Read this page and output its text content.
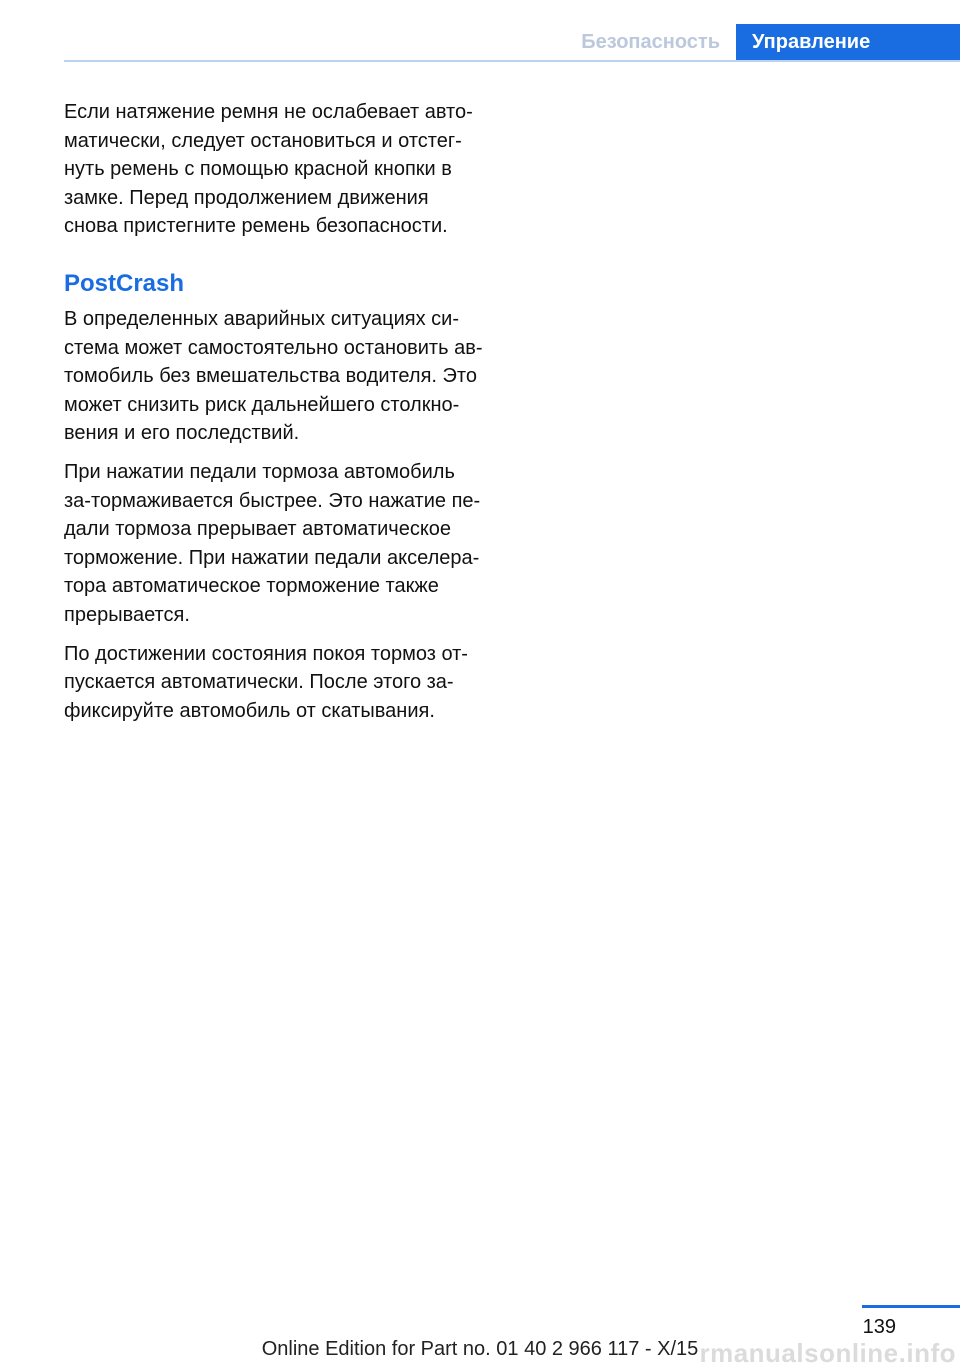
Безопасность	Управление

Если натяжение ремня не ослабевает авто-матически, следует остановиться и отстег-нуть ремень с помощью красной кнопки в замке. Перед продолжением движения снова пристегните ремень безопасности.

PostCrash

В определенных аварийных ситуациях си-стема может самостоятельно остановить ав-томобиль без вмешательства водителя. Это может снизить риск дальнейшего столкно-вения и его последствий.

При нажатии педали тормоза автомобиль за-тормаживается быстрее. Это нажатие пе-дали тормоза прерывает автоматическое торможение. При нажатии педали акселера-тора автоматическое торможение также прерывается.

По достижении состояния покоя тормоз от-пускается автоматически. После этого за-фиксируйте автомобиль от скатывания.

139
Online Edition for Part no. 01 40 2 966 117 - X/15 rmanualsonline.info
